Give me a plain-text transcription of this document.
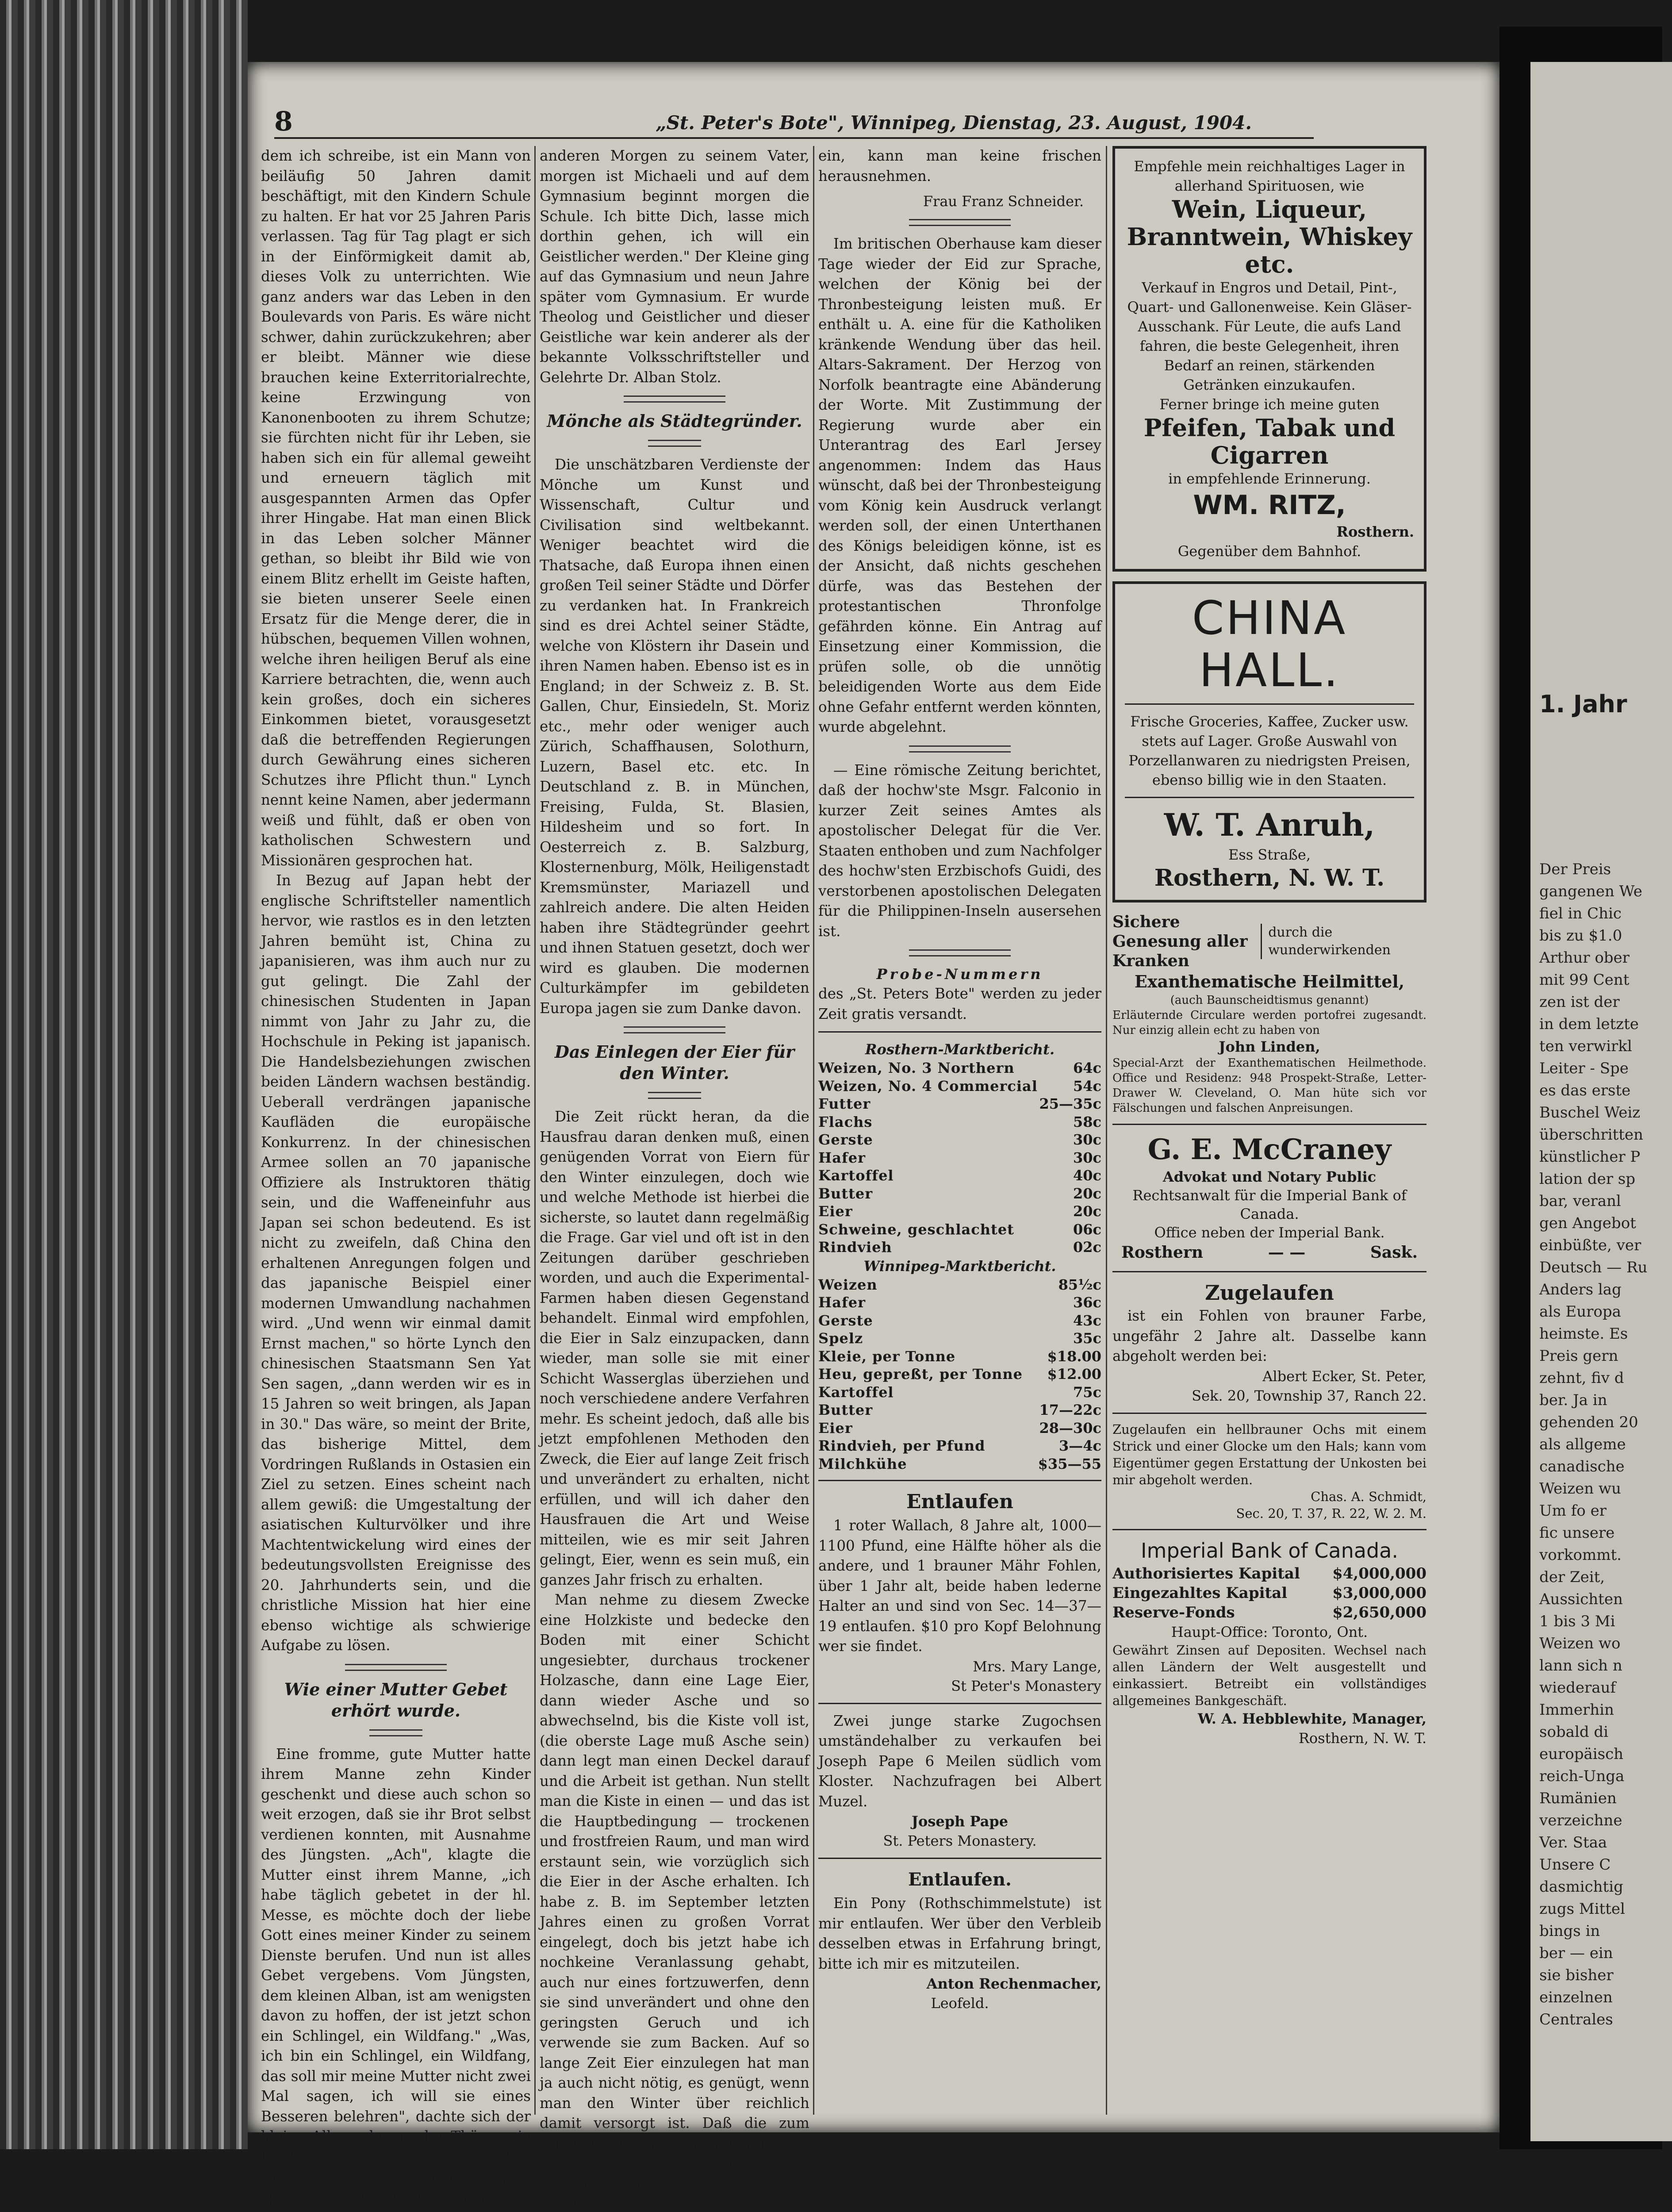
8	„St. Peter's Bote", Winnipeg, Dienstag, 23. August, 1904.

dem ich schreibe, ist ein Mann von beiläufig 50 Jahren damit beschäftigt, mit den Kindern Schule zu halten. Er hat vor 25 Jahren Paris verlassen. Tag für Tag plagt er sich in der Einförmigkeit damit ab, dieses Volk zu unterrichten. Wie ganz anders war das Leben in den Boulevards von Paris. Es wäre nicht schwer, dahin zurückzukehren; aber er bleibt. Männer wie diese brauchen keine Exterritorialrechte, keine Erzwingung von Kanonenbooten zu ihrem Schutze; sie fürchten nicht für ihr Leben, sie haben sich ein für allemal geweiht und erneuern täglich mit ausgespannten Armen das Opfer ihrer Hingabe. Hat man einen Blick in das Leben solcher Männer gethan, so bleibt ihr Bild wie von einem Blitz erhellt im Geiste haften, sie bieten unserer Seele einen Ersatz für die Menge derer, die in hübschen, bequemen Villen wohnen, welche ihren heiligen Beruf als eine Karriere betrachten, die, wenn auch kein großes, doch ein sicheres Einkommen bietet, vorausgesetzt daß die betreffenden Regierungen durch Gewährung eines sicheren Schutzes ihre Pflicht thun." Lynch nennt keine Namen, aber jedermann weiß und fühlt, daß er oben von katholischen Schwestern und Missionären gesprochen hat.

In Bezug auf Japan hebt der englische Schriftsteller namentlich hervor, wie rastlos es in den letzten Jahren bemüht ist, China zu japanisieren, was ihm auch nur zu gut gelingt. Die Zahl der chinesischen Studenten in Japan nimmt von Jahr zu Jahr zu, die Hochschule in Peking ist japanisch. Die Handelsbeziehungen zwischen beiden Ländern wachsen beständig. Ueberall verdrängen japanische Kaufläden die europäische Konkurrenz. In der chinesischen Armee sollen an 70 japanische Offiziere als Instruktoren thätig sein, und die Waffeneinfuhr aus Japan sei schon bedeutend. Es ist nicht zu zweifeln, daß China den erhaltenen Anregungen folgen und das japanische Beispiel einer modernen Umwandlung nachahmen wird. „Und wenn wir einmal damit Ernst machen," so hörte Lynch den chinesischen Staatsmann Sen Yat Sen sagen, „dann werden wir es in 15 Jahren so weit bringen, als Japan in 30." Das wäre, so meint der Brite, das bisherige Mittel, dem Vordringen Rußlands in Ostasien ein Ziel zu setzen. Eines scheint nach allem gewiß: die Umgestaltung der asiatischen Kulturvölker und ihre Machtentwickelung wird eines der bedeutungsvollsten Ereignisse des 20. Jahrhunderts sein, und die christliche Mission hat hier eine ebenso wichtige als schwierige Aufgabe zu lösen.

Wie einer Mutter Gebet erhört wurde.

Eine fromme, gute Mutter hatte ihrem Manne zehn Kinder geschenkt und diese auch schon so weit erzogen, daß sie ihr Brot selbst verdienen konnten, mit Ausnahme des Jüngsten. „Ach", klagte die Mutter einst ihrem Manne, „ich habe täglich gebetet in der hl. Messe, es möchte doch der liebe Gott eines meiner Kinder zu seinem Dienste berufen. Und nun ist alles Gebet vergebens. Vom Jüngsten, dem kleinen Alban, ist am wenigsten davon zu hoffen, der ist jetzt schon ein Schlingel, ein Wildfang." „Was, ich bin ein Schlingel, ein Wildfang, das soll mir meine Mutter nicht zwei Mal sagen, ich will sie eines Besseren belehren", dachte sich der kleine Alban, der an der Thüre, wie Kinder gerne thun, gehorcht hatte. Gesagt, gethan! „Lieber Papa", sprach der zehnjährige Alban am

anderen Morgen zu seinem Vater, morgen ist Michaeli und auf dem Gymnasium beginnt morgen die Schule. Ich bitte Dich, lasse mich dorthin gehen, ich will ein Geistlicher werden." Der Kleine ging auf das Gymnasium und neun Jahre später vom Gymnasium. Er wurde Theolog und Geistlicher und dieser Geistliche war kein anderer als der bekannte Volksschriftsteller und Gelehrte Dr. Alban Stolz.

Mönche als Städtegründer.

Die unschätzbaren Verdienste der Mönche um Kunst und Wissenschaft, Cultur und Civilisation sind weltbekannt. Weniger beachtet wird die Thatsache, daß Europa ihnen einen großen Teil seiner Städte und Dörfer zu verdanken hat. In Frankreich sind es drei Achtel seiner Städte, welche von Klöstern ihr Dasein und ihren Namen haben. Ebenso ist es in England; in der Schweiz z. B. St. Gallen, Chur, Einsiedeln, St. Moriz etc., mehr oder weniger auch Zürich, Schaffhausen, Solothurn, Luzern, Basel etc. etc. In Deutschland z. B. in München, Freising, Fulda, St. Blasien, Hildesheim und so fort. In Oesterreich z. B. Salzburg, Klosternenburg, Mölk, Heiligenstadt Kremsmünster, Mariazell und zahlreich andere. Die alten Heiden haben ihre Städtegründer geehrt und ihnen Statuen gesetzt, doch wer wird es glauben. Die modernen Culturkämpfer im gebildeten Europa jagen sie zum Danke davon.

Das Einlegen der Eier für den Winter.

Die Zeit rückt heran, da die Hausfrau daran denken muß, einen genügenden Vorrat von Eiern für den Winter einzulegen, doch wie und welche Methode ist hierbei die sicherste, so lautet dann regelmäßig die Frage. Gar viel und oft ist in den Zeitungen darüber geschrieben worden, und auch die Experimental-Farmen haben diesen Gegenstand behandelt. Einmal wird empfohlen, die Eier in Salz einzupacken, dann wieder, man solle sie mit einer Schicht Wasserglas überziehen und noch verschiedene andere Verfahren mehr. Es scheint jedoch, daß alle bis jetzt empfohlenen Methoden den Zweck, die Eier auf lange Zeit frisch und unverändert zu erhalten, nicht erfüllen, und will ich daher den Hausfrauen die Art und Weise mitteilen, wie es mir seit Jahren gelingt, Eier, wenn es sein muß, ein ganzes Jahr frisch zu erhalten.

Man nehme zu diesem Zwecke eine Holzkiste und bedecke den Boden mit einer Schicht ungesiebter, durchaus trockener Holzasche, dann eine Lage Eier, dann wieder Asche und so abwechselnd, bis die Kiste voll ist, (die oberste Lage muß Asche sein) dann legt man einen Deckel darauf und die Arbeit ist gethan. Nun stellt man die Kiste in einen — und das ist die Hauptbedingung — trockenen und frostfreien Raum, und man wird erstaunt sein, wie vorzüglich sich die Eier in der Asche erhalten. Ich habe z. B. im September letzten Jahres einen zu großen Vorrat eingelegt, doch bis jetzt habe ich nochkeine Veranlassung gehabt, auch nur eines fortzuwerfen, denn sie sind unverändert und ohne den geringsten Geruch und ich verwende sie zum Backen. Auf so lange Zeit Eier einzulegen hat man ja auch nicht nötig, es genügt, wenn man den Winter über reichlich damit versorgt ist. Daß die zum Einlegen verwandten Eier durchaus frisch sein müssen, ist selbstverständlich, denn legt man alte Eier

ein, kann man keine frischen herausnehmen.

Frau Franz Schneider.

Im britischen Oberhause kam dieser Tage wieder der Eid zur Sprache, welchen der König bei der Thronbesteigung leisten muß. Er enthält u. A. eine für die Katholiken kränkende Wendung über das heil. Altars-Sakrament. Der Herzog von Norfolk beantragte eine Abänderung der Worte. Mit Zustimmung der Regierung wurde aber ein Unterantrag des Earl Jersey angenommen: Indem das Haus wünscht, daß bei der Thronbesteigung vom König kein Ausdruck verlangt werden soll, der einen Unterthanen des Königs beleidigen könne, ist es der Ansicht, daß nichts geschehen dürfe, was das Bestehen der protestantischen Thronfolge gefährden könne. Ein Antrag auf Einsetzung einer Kommission, die prüfen solle, ob die unnötig beleidigenden Worte aus dem Eide ohne Gefahr entfernt werden könnten, wurde abgelehnt.

— Eine römische Zeitung berichtet, daß der hochw'ste Msgr. Falconio in kurzer Zeit seines Amtes als apostolischer Delegat für die Ver. Staaten enthoben und zum Nachfolger des hochw'sten Erzbischofs Guidi, des verstorbenen apostolischen Delegaten für die Philippinen-Inseln ausersehen ist.

Probe-Nummern

des „St. Peters Bote" werden zu jeder Zeit gratis versandt.

Rosthern-Marktbericht.
Weizen, No. 3 Northern	64c
Weizen, No. 4 Commercial	54c
Futter	25—35c
Flachs	58c
Gerste	30c
Hafer	30c
Kartoffel	40c
Butter	20c
Eier	20c
Schweine, geschlachtet	06c
Rindvieh	02c
Winnipeg-Marktbericht.
Weizen	85½c
Hafer	36c
Gerste	43c
Spelz	35c
Kleie, per Tonne	$18.00
Heu, gepreßt, per Tonne $12.00
Kartoffel	75c
Butter	17—22c
Eier	28—30c
Rindvieh, per Pfund	3—4c
Milchkühe	$35—55
Entlaufen

1 roter Wallach, 8 Jahre alt, 1000—1100 Pfund, eine Hälfte höher als die andere, und 1 brauner Mähr Fohlen, über 1 Jahr alt, beide haben lederne Halter an und sind von Sec. 14—37—19 entlaufen. $10 pro Kopf Belohnung wer sie findet.

Mrs. Mary Lange,
St Peter's Monastery

Zwei junge starke Zugochsen umständehalber zu verkaufen bei Joseph Pape 6 Meilen südlich vom Kloster. Nachzufragen bei Albert Muzel.

Joseph Pape
St. Peters Monastery.
Entlaufen.

Ein Pony (Rothschimmelstute) ist mir entlaufen. Wer über den Verbleib desselben etwas in Erfahrung bringt, bitte ich mir es mitzuteilen.

Anton Rechenmacher,
Leofeld.
Empfehle mein reichhaltiges Lager in allerhand Spirituosen, wie
Wein, Liqueur, Branntwein, Whiskey etc.
Verkauf in Engros und Detail, Pint-, Quart- und Gallonenweise. Kein Gläser-Ausschank. Für Leute, die aufs Land fahren, die beste Gelegenheit, ihren Bedarf an reinen, stärkenden Getränken einzukaufen.
Ferner bringe ich meine guten
Pfeifen, Tabak und Cigarren
in empfehlende Erinnerung.
WM. RITZ,
Rosthern.
Gegenüber dem Bahnhof.
CHINA
HALL.
Frische Groceries, Kaffee, Zucker usw. stets auf Lager. Große Auswahl von Porzellanwaren zu niedrigsten Preisen, ebenso billig wie in den Staaten.
W. T. Anruh,
Ess Straße,
Rosthern, N. W. T.
Sichere Genesung aller Kranken
durch die wunderwirkenden
Exanthematische Heilmittel,
(auch Baunscheidtismus genannt)
Erläuternde Circulare werden portofrei zugesandt. Nur einzig allein echt zu haben von
John Linden,
Special-Arzt der Exanthematischen Heilmethode. Office und Residenz: 948 Prospekt-Straße, Letter-Drawer W. Cleveland, O. Man hüte sich vor Fälschungen und falschen Anpreisungen.
G. E. McCraney
Advokat und Notary Public
Rechtsanwalt für die Imperial Bank of Canada.
Office neben der Imperial Bank.
Rosthern	— —	Sask.
Zugelaufen

ist ein Fohlen von brauner Farbe, ungefähr 2 Jahre alt. Dasselbe kann abgeholt werden bei:

Albert Ecker, St. Peter,
Sek. 20, Township 37, Ranch 22.

Zugelaufen ein hellbrauner Ochs mit einem Strick und einer Glocke um den Hals; kann vom Eigentümer gegen Erstattung der Unkosten bei mir abgeholt werden.

Chas. A. Schmidt,
Sec. 20, T. 37, R. 22, W. 2. M.
Imperial Bank of Canada.
Authorisiertes Kapital $4,000,000
Eingezahltes Kapital	$3,000,000
Reserve-Fonds	$2,650,000
Haupt-Office: Toronto, Ont.

Gewährt Zinsen auf Depositen. Wechsel nach allen Ländern der Welt ausgestellt und einkassiert. Betreibt ein vollständiges allgemeines Bankgeschäft.

W. A. Hebblewhite, Manager,
Rosthern, N. W. T.
1. Jahr
Der Preis
gangenen We
fiel in Chic
bis zu $1.0
Arthur ober
mit 99 Cent
zen ist der
in dem letzte
ten verwirkl
Leiter - Spe
es das erste
Buschel Weiz
überschritten
künstlicher P
lation der sp
bar, veranl
gen Angebot
einbüßte, ver
Deutsch — Ru
Anders lag
als Europa
heimste. Es
Preis gern
zehnt, fiv d
ber. Ja in
gehenden 20
als allgeme
canadische
Weizen wu
Um fo er
fic unsere
vorkommt.
der Zeit,
Aussichten
1 bis 3 Mi
Weizen wo
lann sich n
wiederauf
Immerhin
sobald di
europäisch
reich-Unga
Rumänien
verzeichne
Ver. Staa
Unsere C
dasmichtig
zugs Mittel
bings in
ber — ein
sie bisher
einzelnen
Centrales
